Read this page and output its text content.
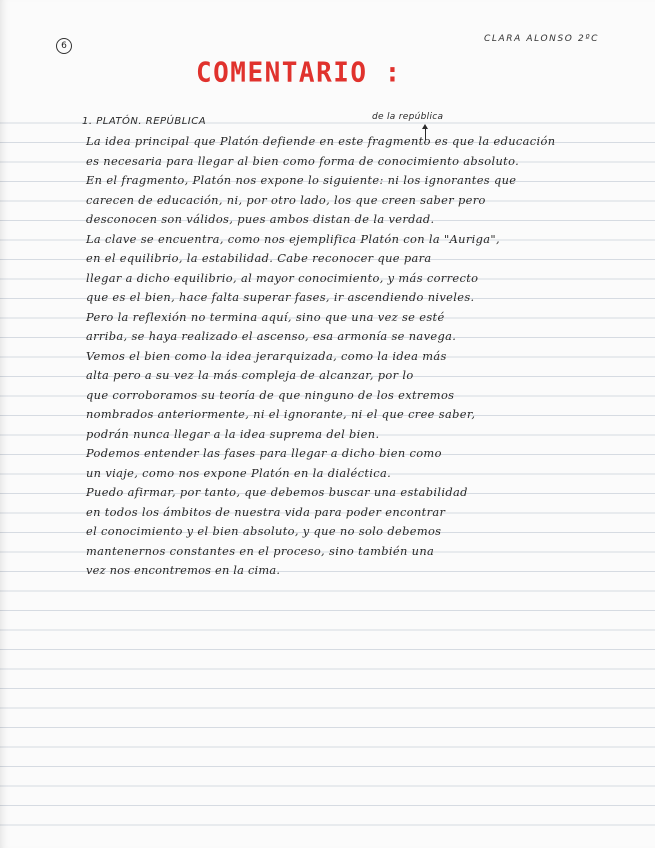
6
CLARA ALONSO 2ºC
COMENTARIO :
1. PLATÓN. REPÚBLICA	de la república
La idea principal que Platón defiende en este fragmento es que la educación
es necesaria para llegar al bien como forma de conocimiento absoluto.
En el fragmento, Platón nos expone lo siguiente: ni los ignorantes que
carecen de educación, ni, por otro lado, los que creen saber pero
desconocen son válidos, pues ambos distan de la verdad.
La clave se encuentra, como nos ejemplifica Platón con la "Auriga",
en el equilibrio, la estabilidad. Cabe reconocer que para
llegar a dicho equilibrio, al mayor conocimiento, y más correcto
que es el bien, hace falta superar fases, ir ascendiendo niveles.
Pero la reflexión no termina aquí, sino que una vez se esté
arriba, se haya realizado el ascenso, esa armonía se navega.
Vemos el bien como la idea jerarquizada, como la idea más
alta pero a su vez la más compleja de alcanzar, por lo
que corroboramos su teoría de que ninguno de los extremos
nombrados anteriormente, ni el ignorante, ni el que cree saber,
podrán nunca llegar a la idea suprema del bien.
Podemos entender las fases para llegar a dicho bien como
un viaje, como nos expone Platón en la dialéctica.
Puedo afirmar, por tanto, que debemos buscar una estabilidad
en todos los ámbitos de nuestra vida para poder encontrar
el conocimiento y el bien absoluto, y que no solo debemos
mantenernos constantes en el proceso, sino también una
vez nos encontremos en la cima.
